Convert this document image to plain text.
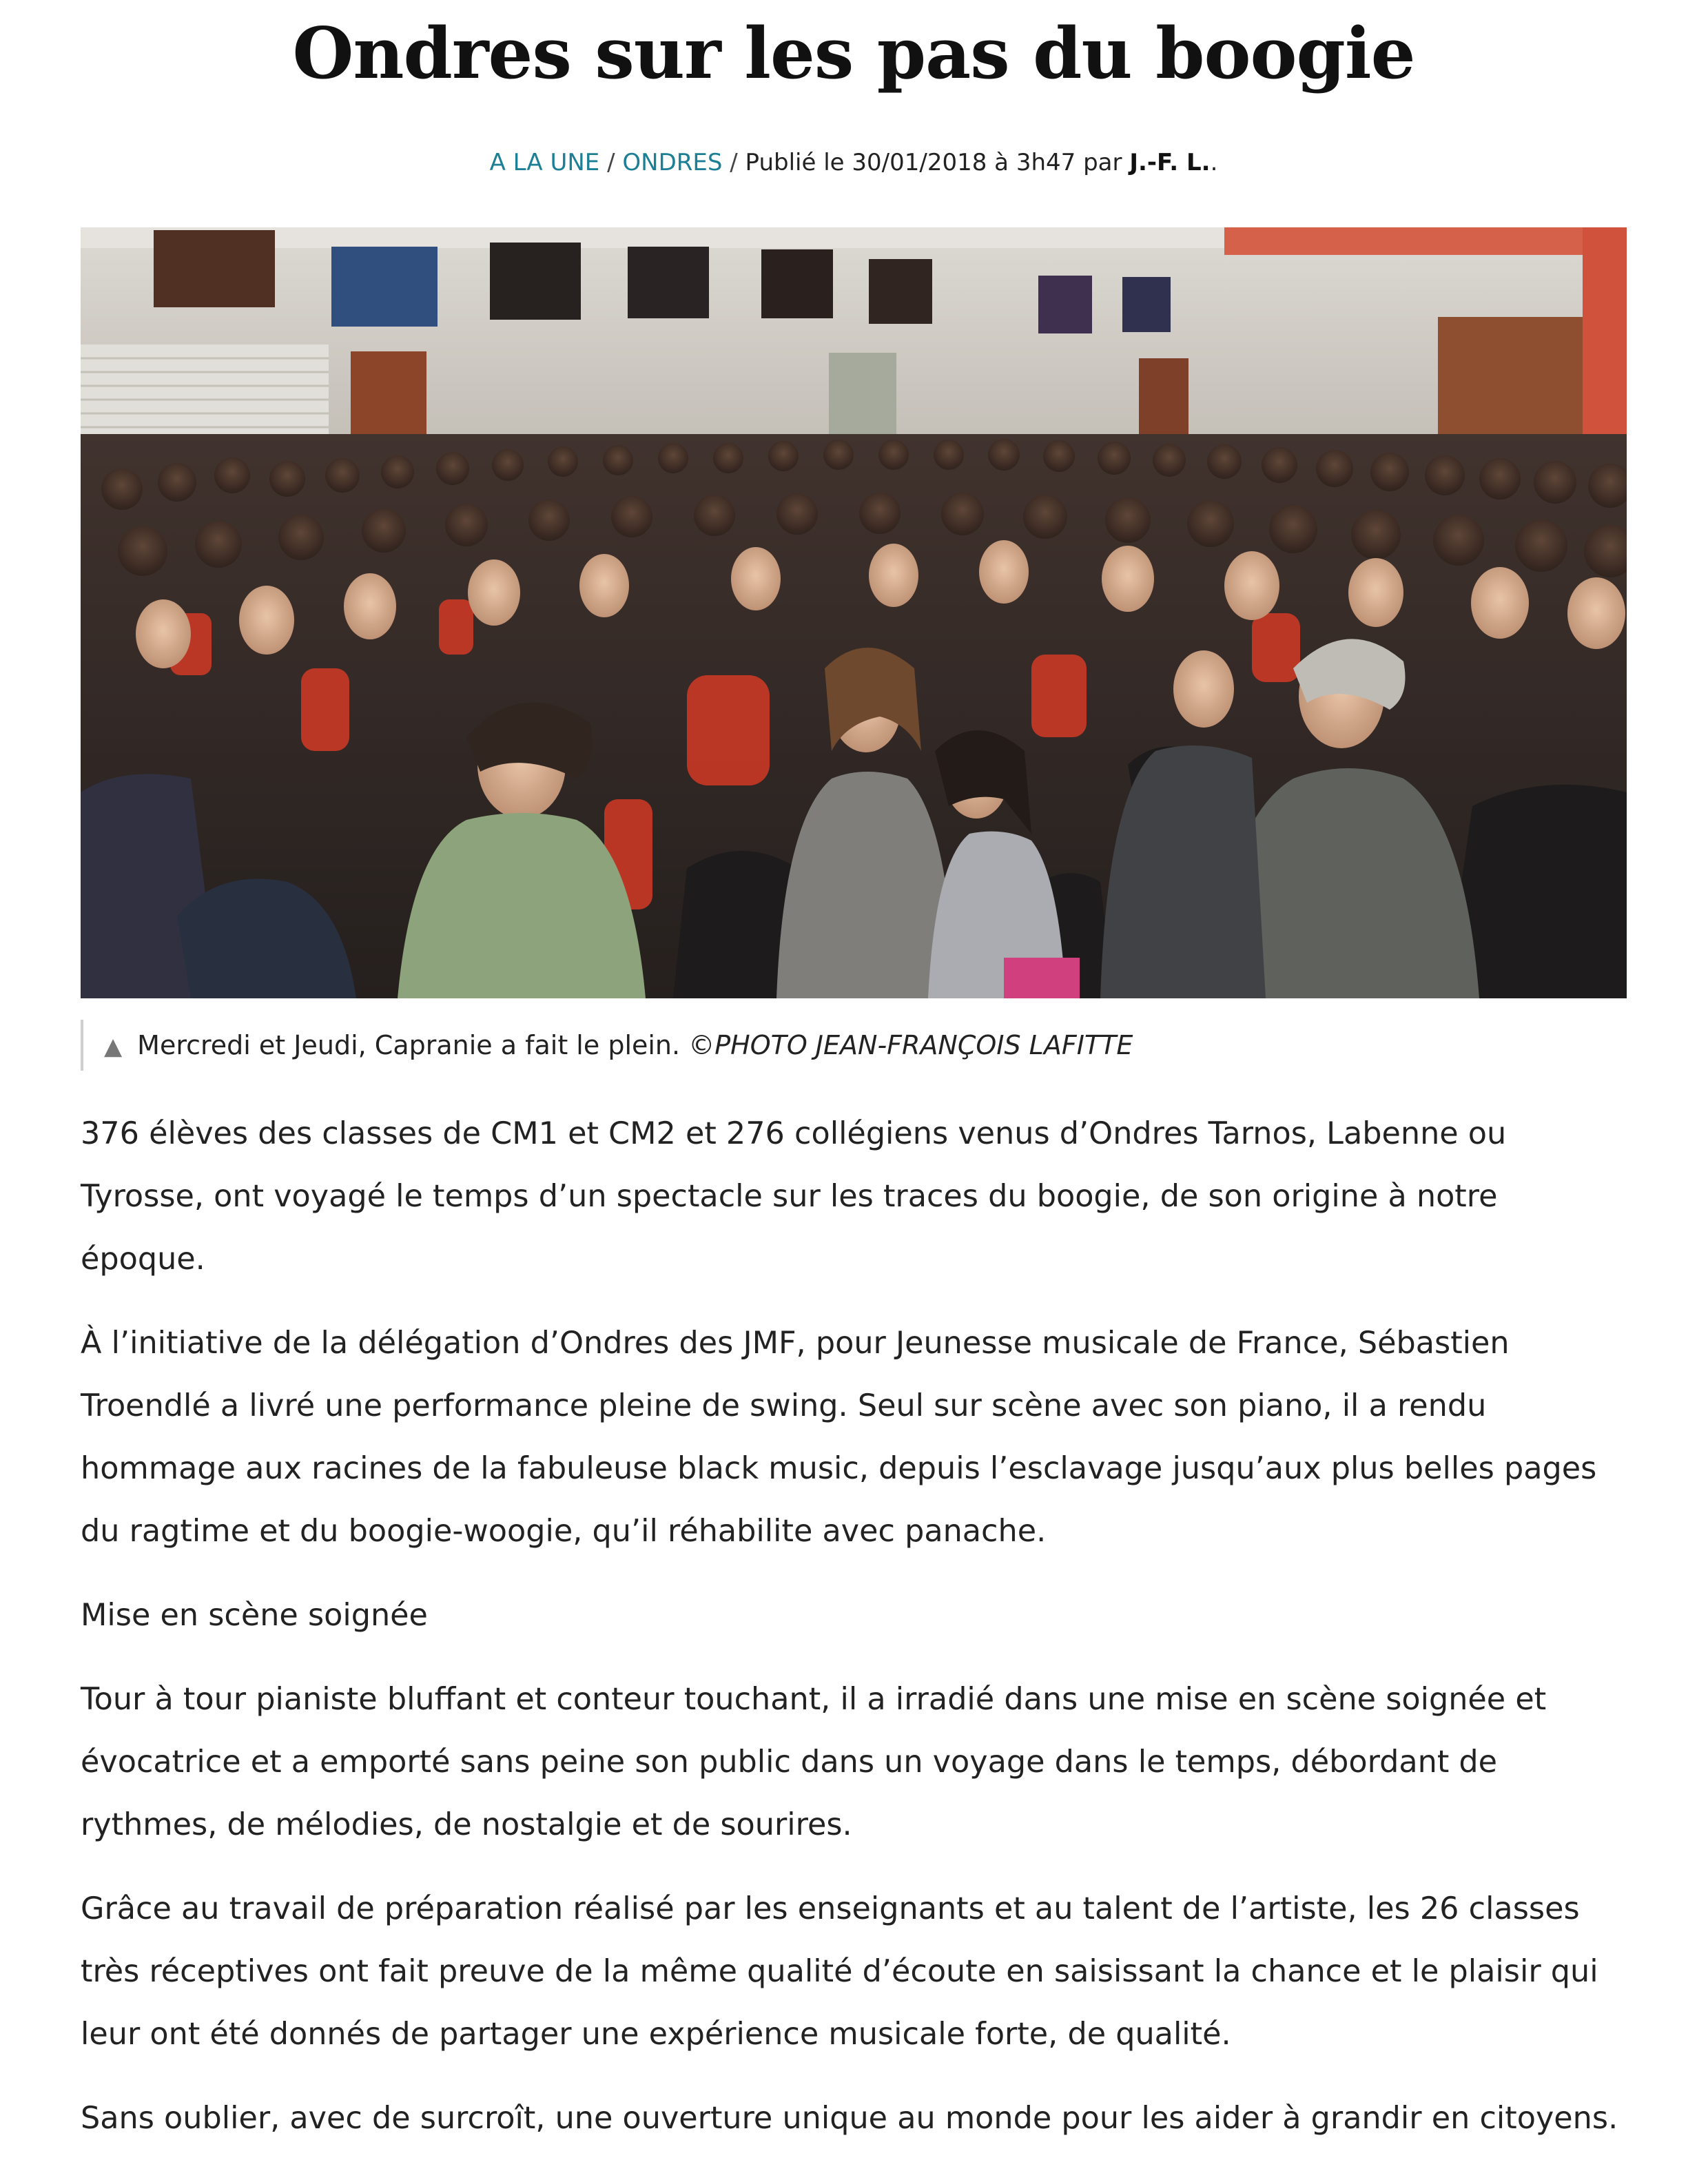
Ondres sur les pas du boogie
A LA UNE / ONDRES / Publié le 30/01/2018 à 3h47 par J.-F. L..
▲ Mercredi et Jeudi, Capranie a fait le plein. ©PHOTO JEAN-FRANÇOIS LAFITTE

376 élèves des classes de CM1 et CM2 et 276 collégiens venus d’Ondres Tarnos, Labenne ou Tyrosse, ont voyagé le temps d’un spectacle sur les traces du boogie, de son origine à notre époque.

À l’initiative de la délégation d’Ondres des JMF, pour Jeunesse musicale de France, Sébastien Troendlé a livré une performance pleine de swing. Seul sur scène avec son piano, il a rendu hommage aux racines de la fabuleuse black music, depuis l’esclavage jusqu’aux plus belles pages du ragtime et du boogie-woogie, qu’il réhabilite avec panache.

Mise en scène soignée

Tour à tour pianiste bluffant et conteur touchant, il a irradié dans une mise en scène soignée et évocatrice et a emporté sans peine son public dans un voyage dans le temps, débordant de rythmes, de mélodies, de nostalgie et de sourires.

Grâce au travail de préparation réalisé par les enseignants et au talent de l’artiste, les 26 classes très réceptives ont fait preuve de la même qualité d’écoute en saisissant la chance et le plaisir qui leur ont été donnés de partager une expérience musicale forte, de qualité.

Sans oublier, avec de surcroît, une ouverture unique au monde pour les aider à grandir en citoyens.
